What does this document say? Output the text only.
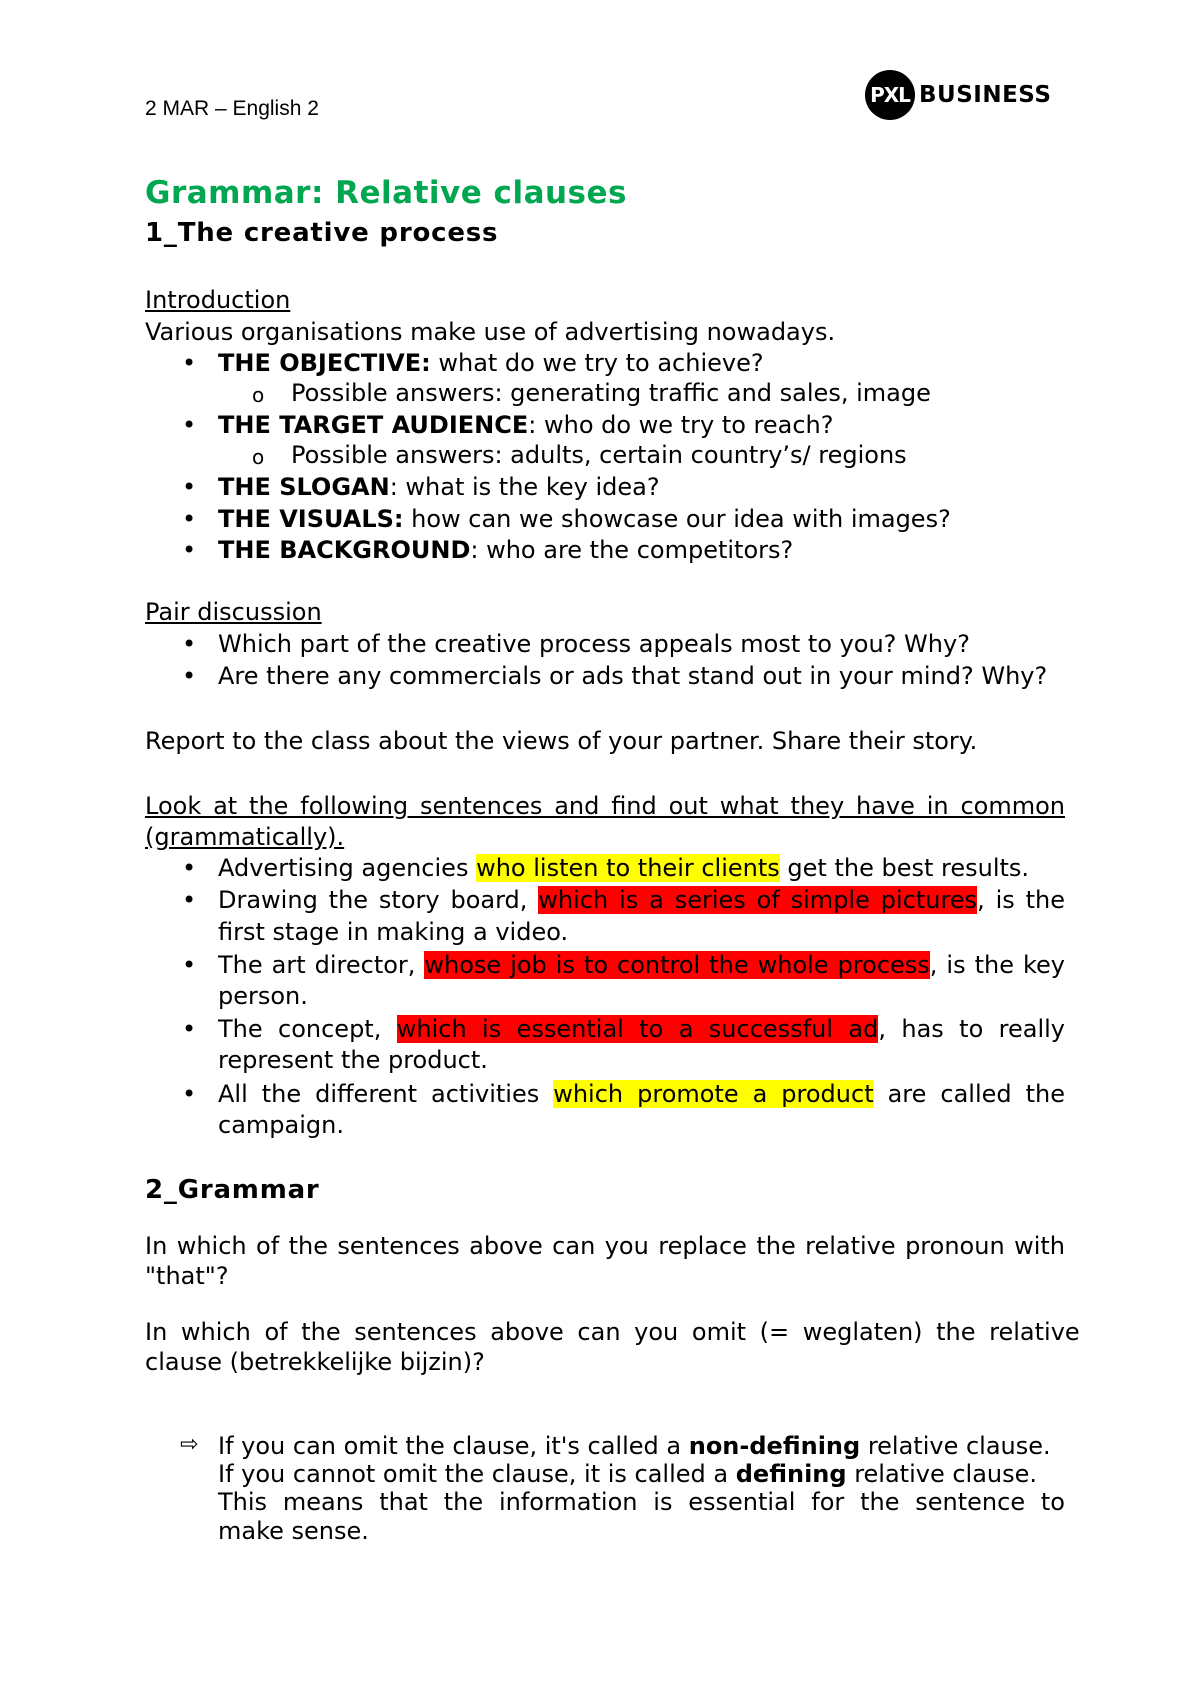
2 MAR – English 2
PXL BUSINESS
Grammar: Relative clauses
1_The creative process
Introduction
Various organisations make use of advertising nowadays.
• THE OBJECTIVE: what do we try to achieve?
o Possible answers: generating traffic and sales, image
• THE TARGET AUDIENCE: who do we try to reach?
o Possible answers: adults, certain country’s/ regions
• THE SLOGAN: what is the key idea?
• THE VISUALS: how can we showcase our idea with images?
• THE BACKGROUND: who are the competitors?
Pair discussion
• Which part of the creative process appeals most to you? Why?
• Are there any commercials or ads that stand out in your mind? Why?
Report to the class about the views of your partner. Share their story.
Look at the following sentences and find out what they have in common
(grammatically).
• Advertising agencies who listen to their clients get the best results.
• Drawing the story board, which is a series of simple pictures, is the
first stage in making a video.
• The art director, whose job is to control the whole process, is the key
person.
• The concept, which is essential to a successful ad, has to really
represent the product.
• All the different activities which promote a product are called the
campaign.
2_Grammar
In which of the sentences above can you replace the relative pronoun with
"that"?
In which of the sentences above can you omit (= weglaten) the relative
clause (betrekkelijke bijzin)?
⇨ If you can omit the clause, it's called a non-defining relative clause.
If you cannot omit the clause, it is called a defining relative clause.
This means that the information is essential for the sentence to
make sense.
